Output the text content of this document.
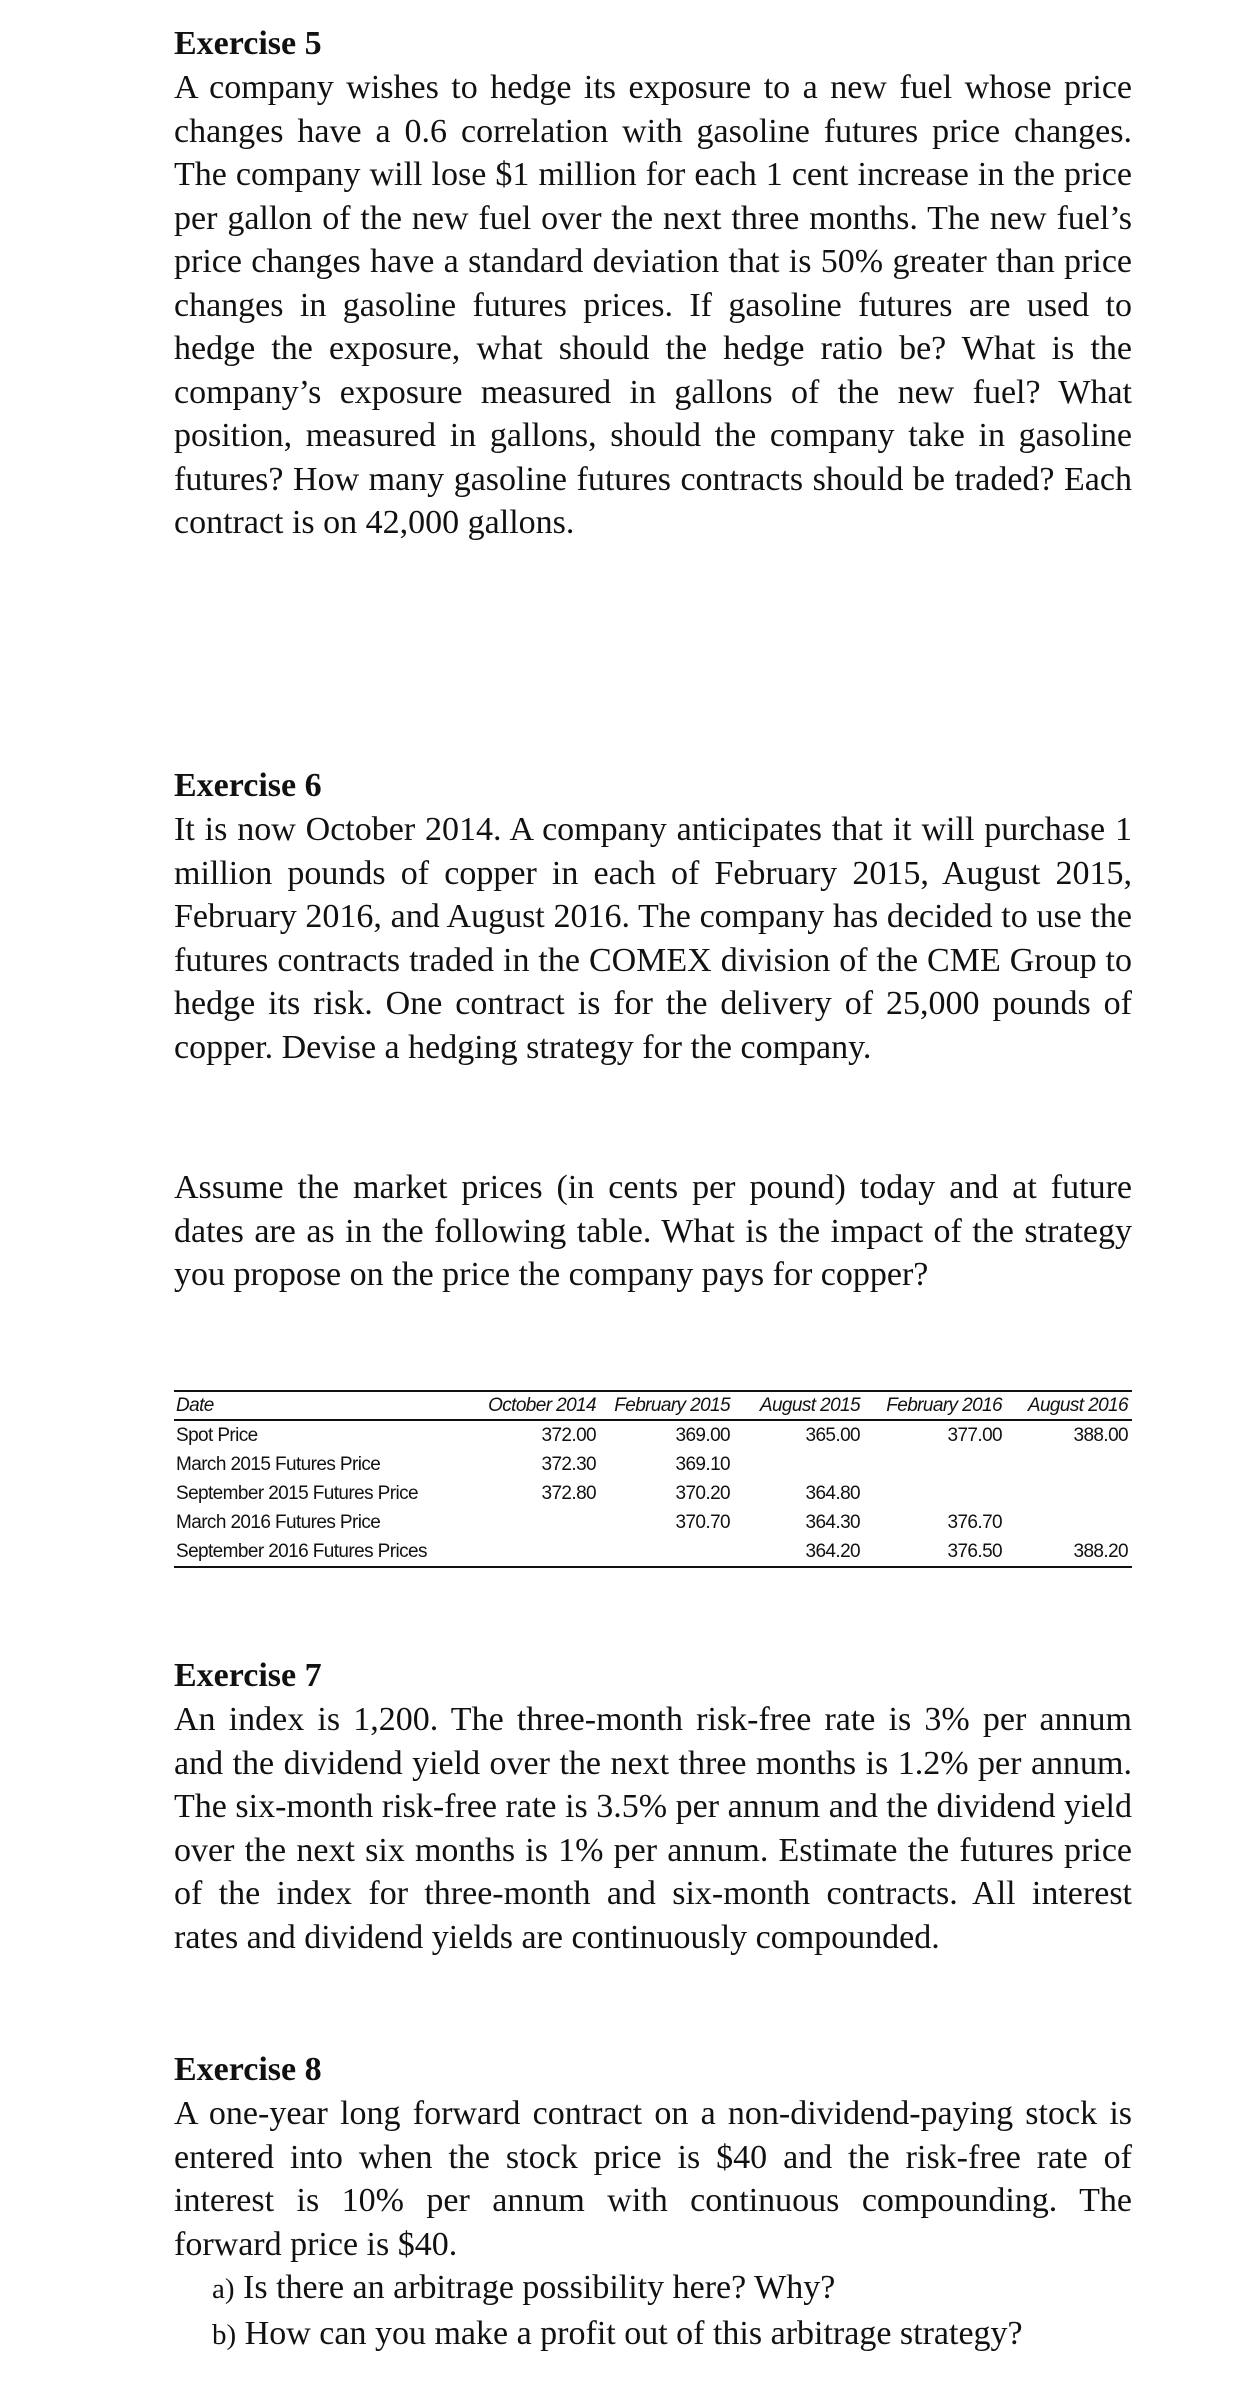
Exercise 5

A company wishes to hedge its exposure to a new fuel whose price changes have a 0.6 correlation with gasoline futures price changes. The company will lose $1 million for each 1 cent increase in the price per gallon of the new fuel over the next three months. The new fuel’s price changes have a standard deviation that is 50% greater than price changes in gasoline futures prices. If gasoline futures are used to hedge the exposure, what should the hedge ratio be? What is the company’s exposure measured in gallons of the new fuel? What position, measured in gallons, should the company take in gasoline futures? How many gasoline futures contracts should be traded? Each contract is on 42,000 gallons.

Exercise 6

It is now October 2014. A company anticipates that it will purchase 1 million pounds of copper in each of February 2015, August 2015, February 2016, and August 2016. The company has decided to use the futures contracts traded in the COMEX division of the CME Group to hedge its risk. One contract is for the delivery of 25,000 pounds of copper. Devise a hedging strategy for the company.

Assume the market prices (in cents per pound) today and at future dates are as in the following table. What is the impact of the strategy you propose on the price the company pays for copper?

Date	October 2014	February 2015	August 2015	February 2016	August 2016
Spot Price	372.00	369.00	365.00	377.00	388.00
March 2015 Futures Price	372.30	369.10			
September 2015 Futures Price	372.80	370.20	364.80		
March 2016 Futures Price		370.70	364.30	376.70	
September 2016 Futures Prices			364.20	376.50	388.20
Exercise 7

An index is 1,200. The three-month risk-free rate is 3% per annum and the dividend yield over the next three months is 1.2% per annum. The six-month risk-free rate is 3.5% per annum and the dividend yield over the next six months is 1% per annum. Estimate the futures price of the index for three-month and six-month contracts. All interest rates and dividend yields are continuously compounded.

Exercise 8

A one-year long forward contract on a non-dividend-paying stock is entered into when the stock price is $40 and the risk-free rate of interest is 10% per annum with continuous compounding. The forward price is $40.

a) Is there an arbitrage possibility here? Why?

b) How can you make a profit out of this arbitrage strategy?
